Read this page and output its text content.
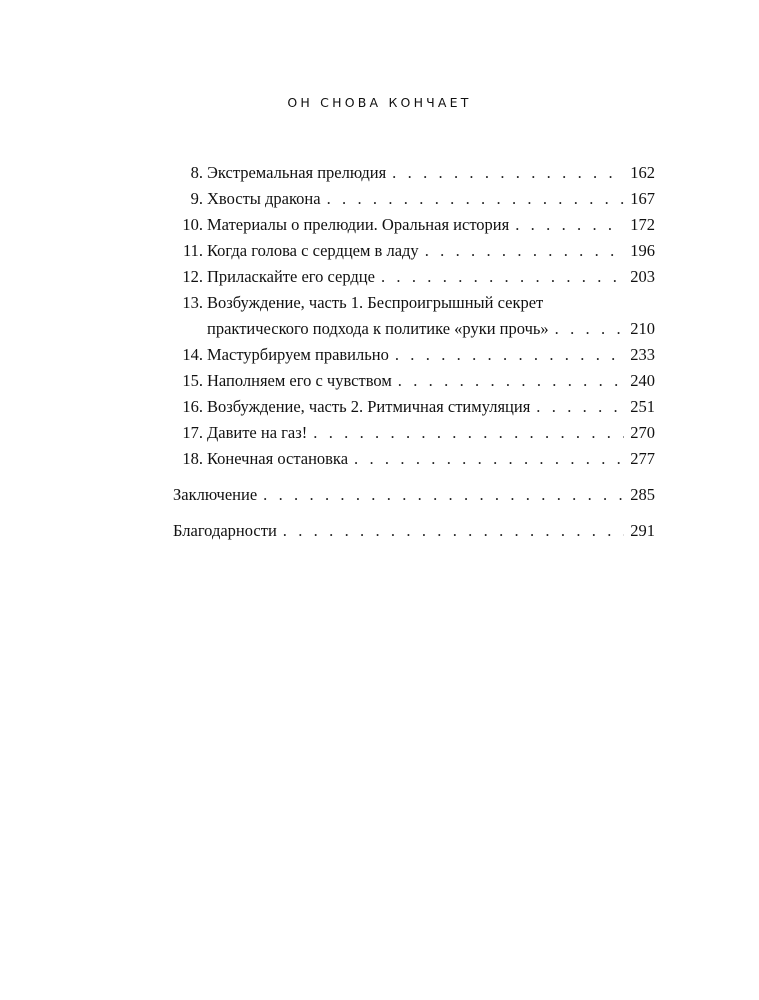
ОН СНОВА КОНЧАЕТ
8. Экстремальная прелюдия . . .	162
9. Хвосты дракона . . .	167
10. Материалы о прелюдии. Оральная история . . .	172
11. Когда голова с сердцем в ладу . . .	196
12. Приласкайте его сердце . . .	203
13. Возбуждение, часть 1. Беспроигрышный секрет
практического подхода к политике «руки прочь» . . .	210
14. Мастурбируем правильно . . .	233
15. Наполняем его с чувством . . .	240
16. Возбуждение, часть 2. Ритмичная стимуляция . . .	251
17. Давите на газ! . . .	270
18. Конечная остановка . . .	277
Заключение . . .	285
Благодарности . . .	291
